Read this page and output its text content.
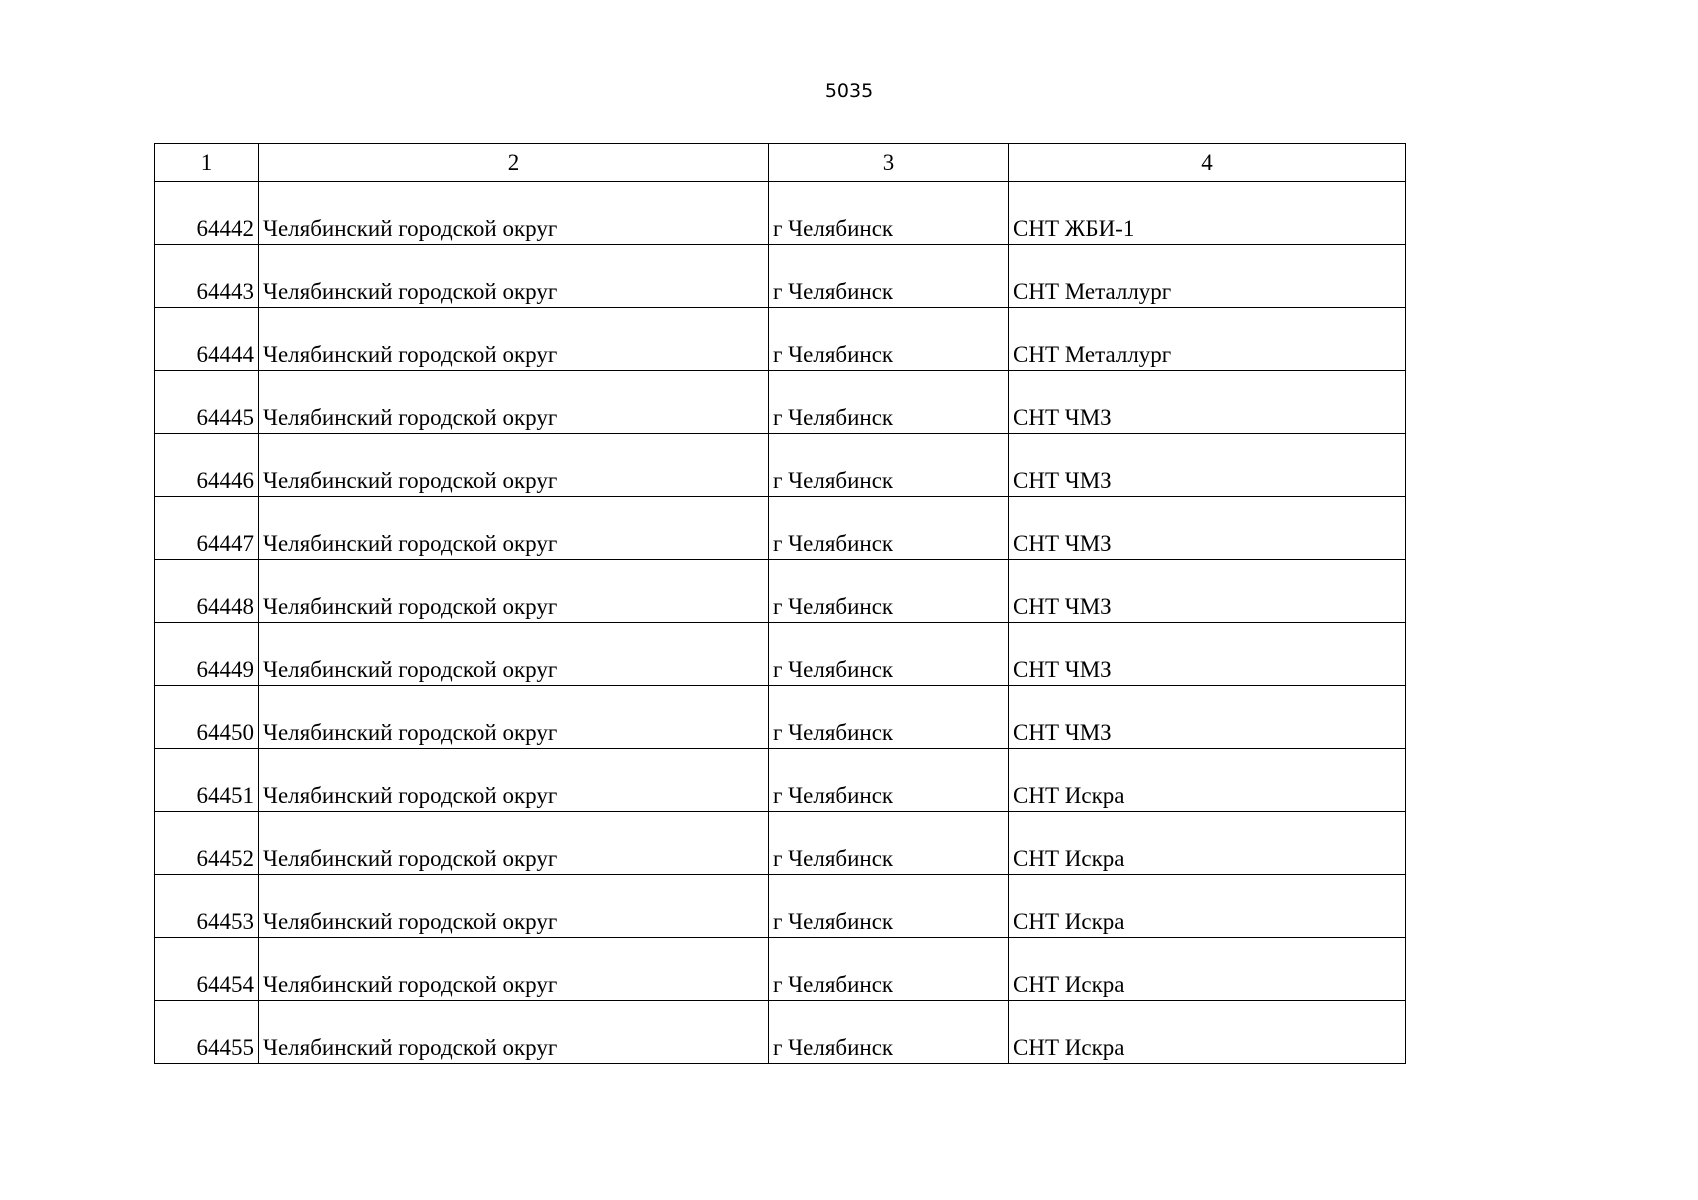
5035
1	2	3	4
64442	Челябинский городской округ	г Челябинск	СНТ ЖБИ-1
64443	Челябинский городской округ	г Челябинск	СНТ Металлург
64444	Челябинский городской округ	г Челябинск	СНТ Металлург
64445	Челябинский городской округ	г Челябинск	СНТ ЧМЗ
64446	Челябинский городской округ	г Челябинск	СНТ ЧМЗ
64447	Челябинский городской округ	г Челябинск	СНТ ЧМЗ
64448	Челябинский городской округ	г Челябинск	СНТ ЧМЗ
64449	Челябинский городской округ	г Челябинск	СНТ ЧМЗ
64450	Челябинский городской округ	г Челябинск	СНТ ЧМЗ
64451	Челябинский городской округ	г Челябинск	СНТ Искра
64452	Челябинский городской округ	г Челябинск	СНТ Искра
64453	Челябинский городской округ	г Челябинск	СНТ Искра
64454	Челябинский городской округ	г Челябинск	СНТ Искра
64455	Челябинский городской округ	г Челябинск	СНТ Искра
